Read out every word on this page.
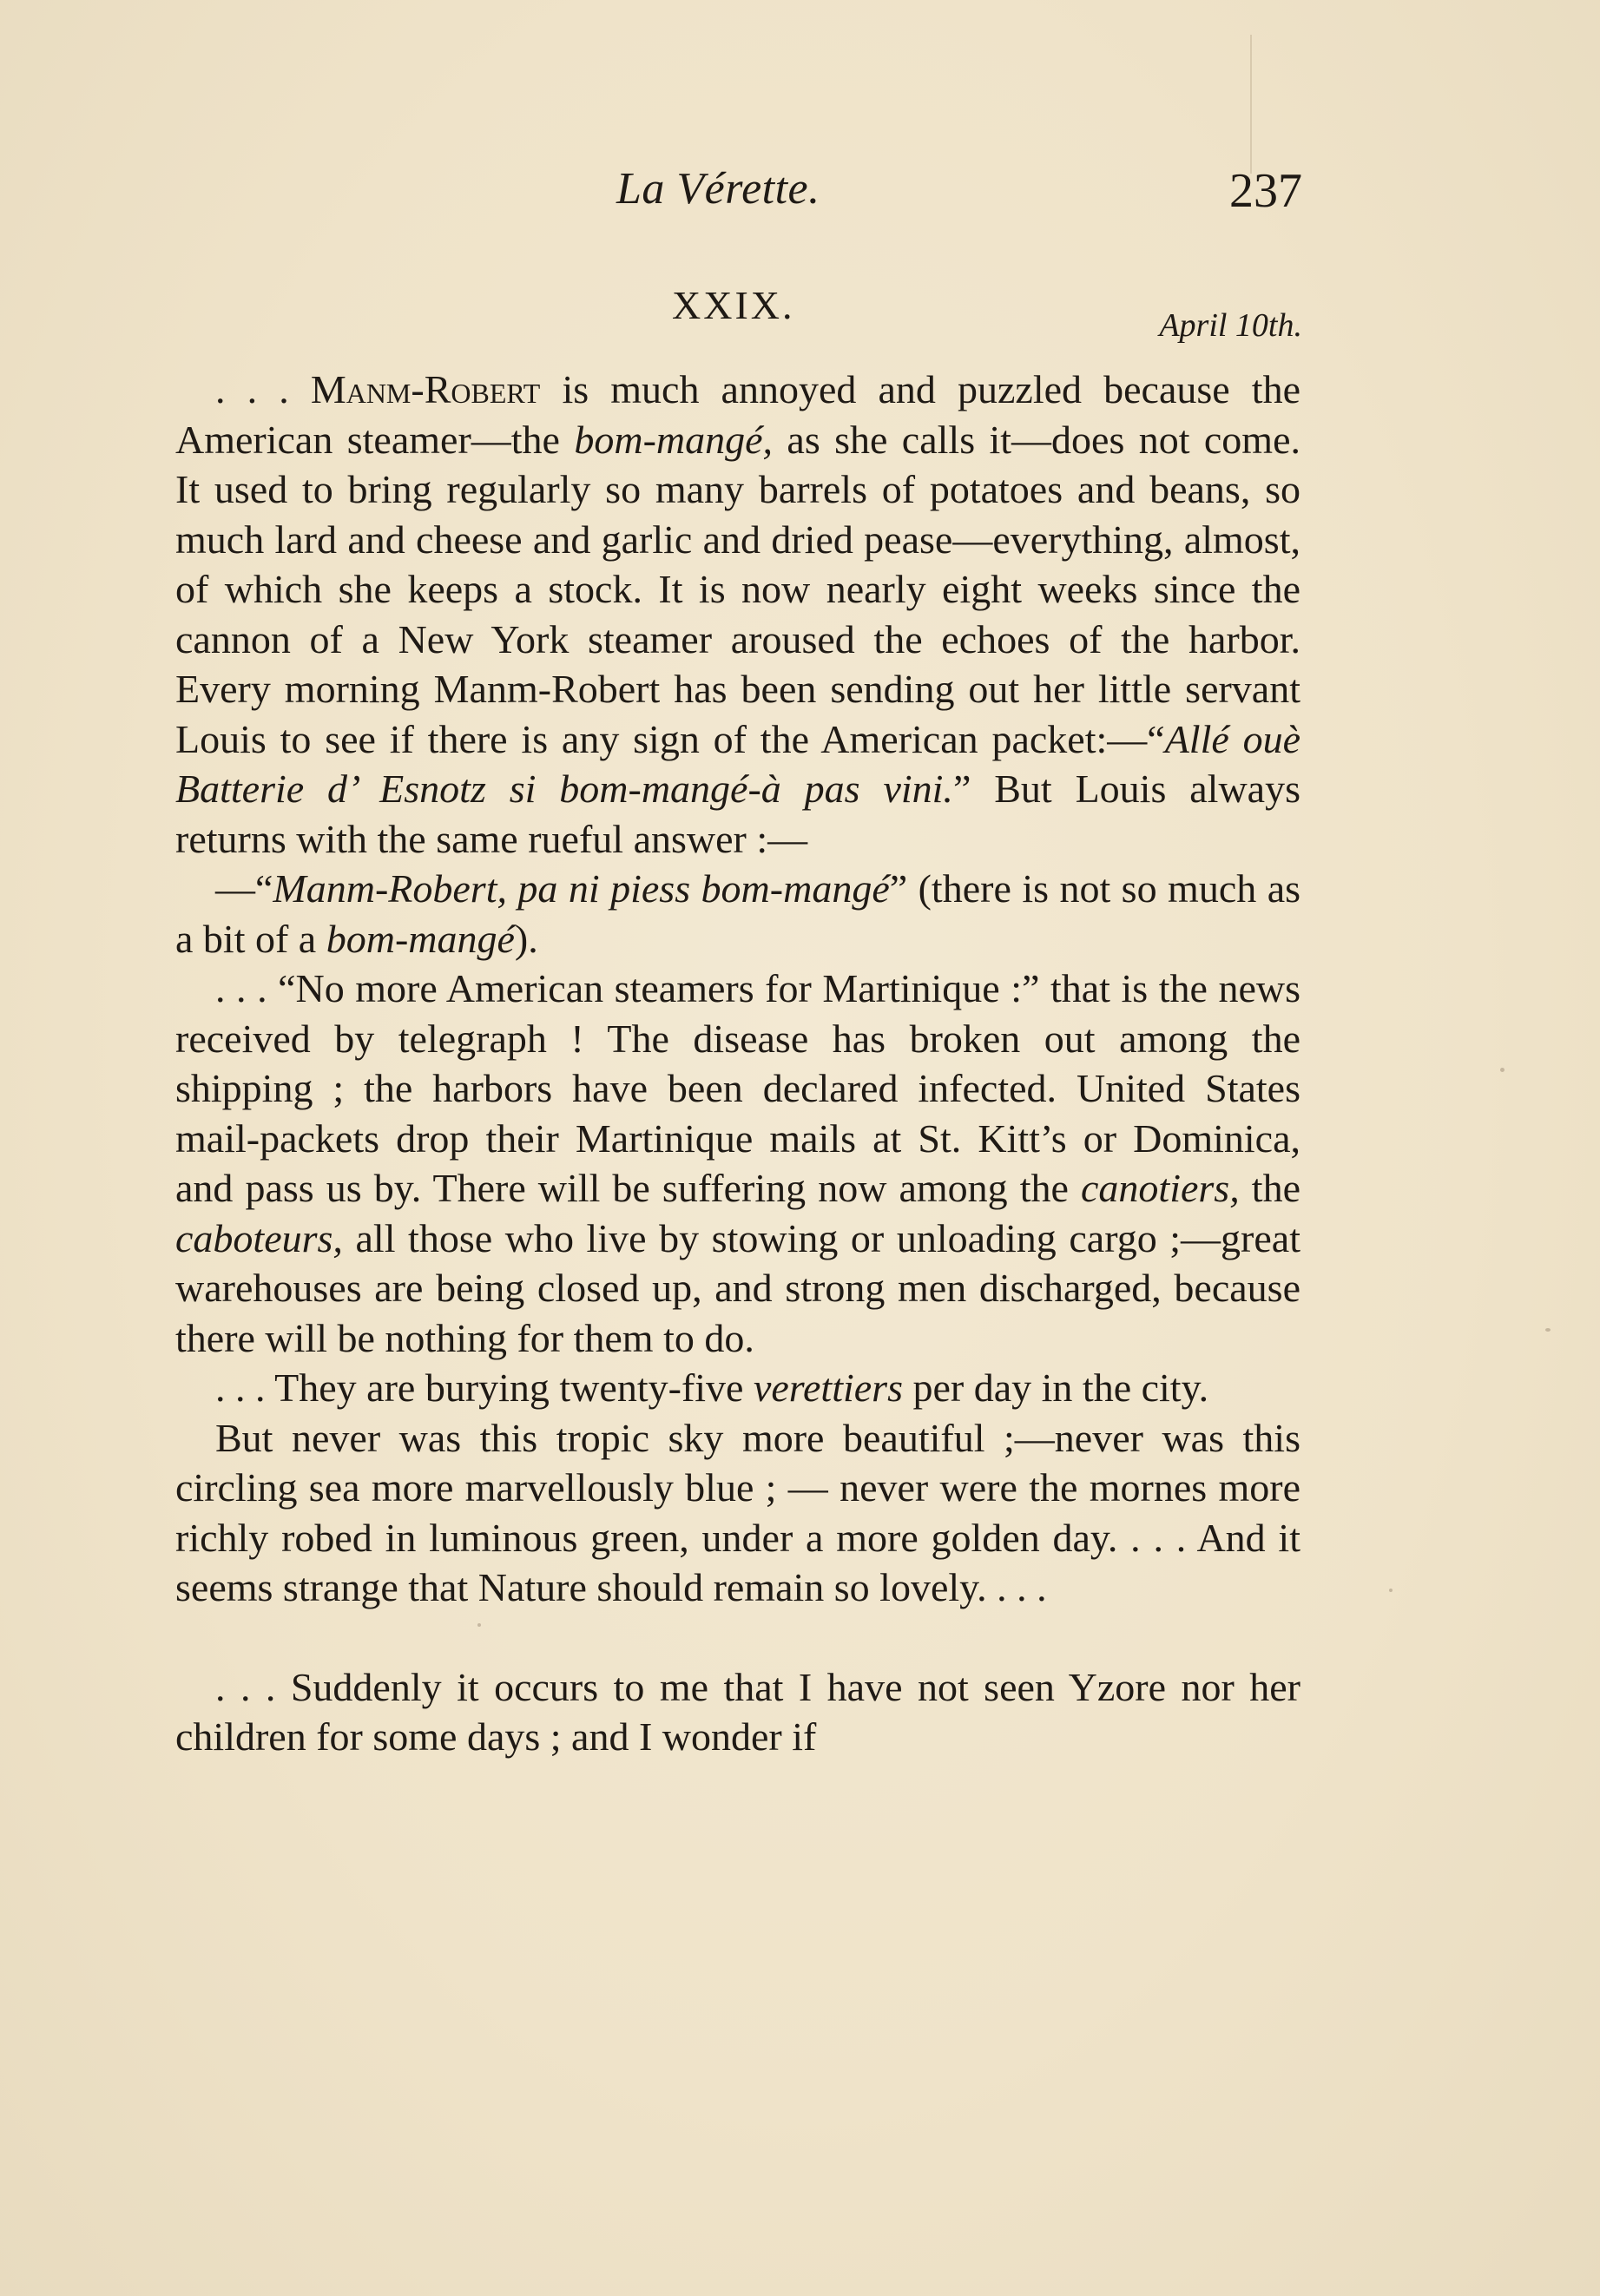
La Vérette.	237
XXIX.	April 10th.

. . . Manm-Robert is much annoyed and puzzled because the American steamer—the bom-mangé, as she calls it—does not come. It used to bring regularly so many barrels of potatoes and beans, so much lard and cheese and garlic and dried pease—everything, almost, of which she keeps a stock. It is now nearly eight weeks since the cannon of a New York steamer aroused the echoes of the harbor. Every morning Manm-Robert has been sending out her little servant Louis to see if there is any sign of the American packet:—“Allé ouè Batterie d’ Esnotz si bom-mangé-à pas vini.” But Louis always returns with the same rueful answer :—

—“Manm-Robert, pa ni piess bom-mangé” (there is not so much as a bit of a bom-mangé).

. . . “No more American steamers for Martinique :” that is the news received by telegraph ! The disease has broken out among the shipping ; the harbors have been declared infected. United States mail-packets drop their Martinique mails at St. Kitt’s or Dominica, and pass us by. There will be suffering now among the canotiers, the caboteurs, all those who live by stowing or unloading cargo ;—great warehouses are being closed up, and strong men discharged, because there will be nothing for them to do.

. . . They are burying twenty-five verettiers per day in the city.

But never was this tropic sky more beautiful ;—never was this circling sea more marvellously blue ; — never were the mornes more richly robed in luminous green, under a more golden day. . . . And it seems strange that Nature should remain so lovely. . . .

. . . Suddenly it occurs to me that I have not seen Yzore nor her children for some days ; and I wonder if
